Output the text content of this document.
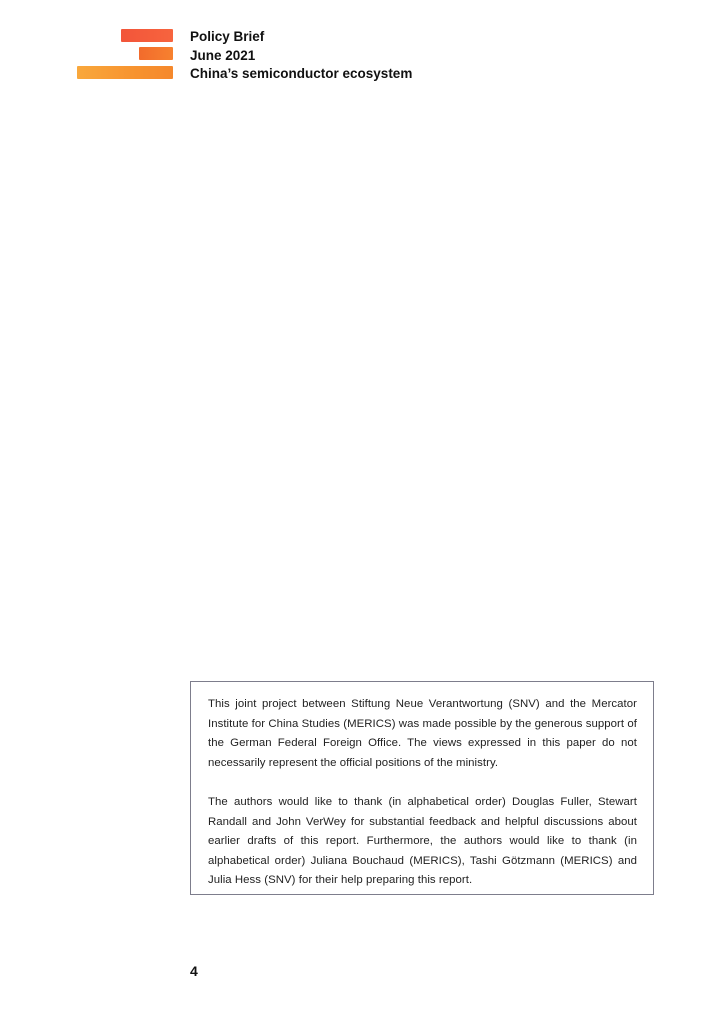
Policy Brief
June 2021
China’s semiconductor ecosystem

This joint project between Stiftung Neue Verantwortung (SNV) and the Mercator Institute for China Studies (MERICS) was made possible by the generous support of the German Federal Foreign Office. The views expressed in this paper do not necessarily represent the official positions of the ministry.

The authors would like to thank (in alphabetical order) Douglas Fuller, Stewart Randall and John VerWey for substantial feedback and helpful discussions about earlier drafts of this report. Furthermore, the authors would like to thank (in alphabetical order) Juliana Bouchaud (MERICS), Tashi Götzmann (MERICS) and Julia Hess (SNV) for their help preparing this report.

4
